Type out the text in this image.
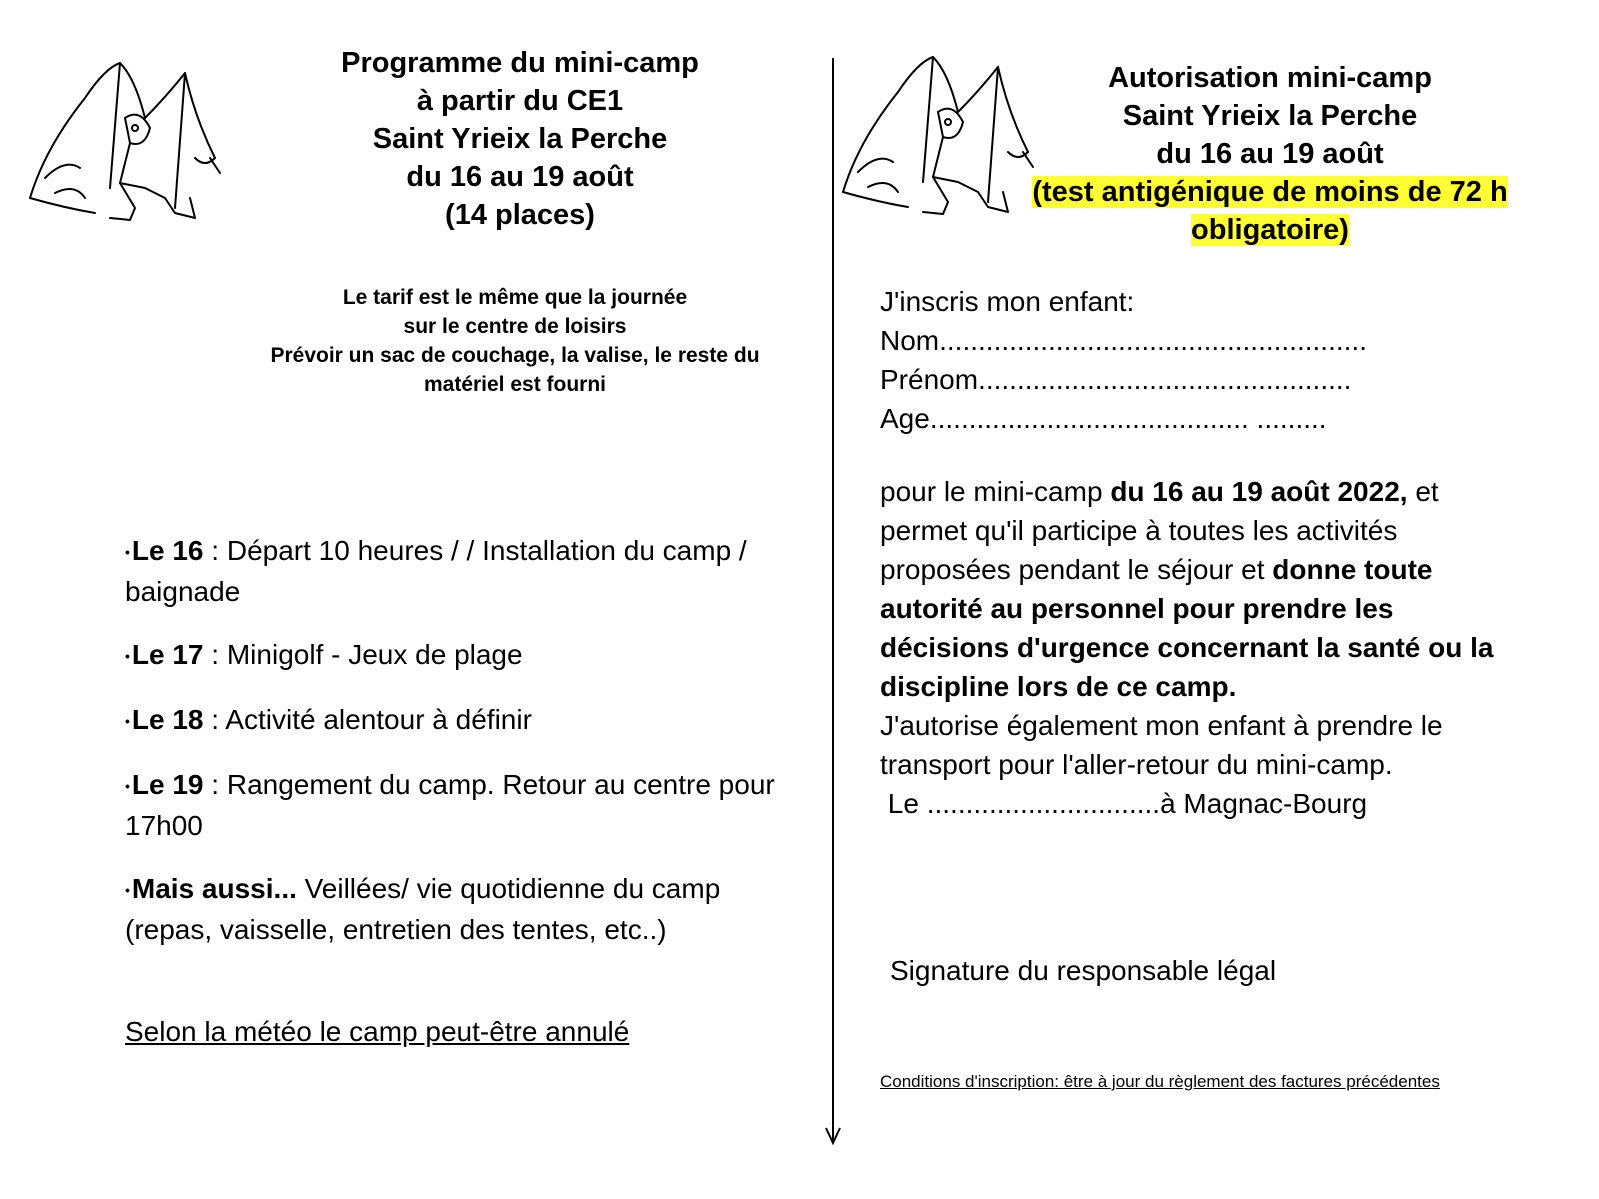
Programme du mini-camp
à partir du CE1
Saint Yrieix la Perche
du 16 au 19 août
(14 places)
Le tarif est le même que la journée
sur le centre de loisirs
Prévoir un sac de couchage, la valise, le reste du
matériel est fourni
•Le 16 : Départ 10 heures / / Installation du camp / baignade
•Le 17 : Minigolf - Jeux de plage
•Le 18 : Activité alentour à définir
•Le 19 : Rangement du camp. Retour au centre pour 17h00
•Mais aussi... Veillées/ vie quotidienne du camp (repas, vaisselle, entretien des tentes, etc..)
Selon la météo le camp peut-être annulé
Autorisation mini-camp
Saint Yrieix la Perche
du 16 au 19 août
(test antigénique de moins de 72 h
obligatoire)
J'inscris mon enfant:
Nom.......................................................
Prénom................................................
Age......................................... .........
pour le mini-camp du 16 au 19 août 2022, et permet qu'il participe à toutes les activités proposées pendant le séjour et donne toute autorité au personnel pour prendre les décisions d'urgence concernant la santé ou la discipline lors de ce camp.
J'autorise également mon enfant à prendre le transport pour l'aller-retour du mini-camp.
Le ..............................à Magnac-Bourg
Signature du responsable légal
Conditions d'inscription: être à jour du règlement des factures précédentes
